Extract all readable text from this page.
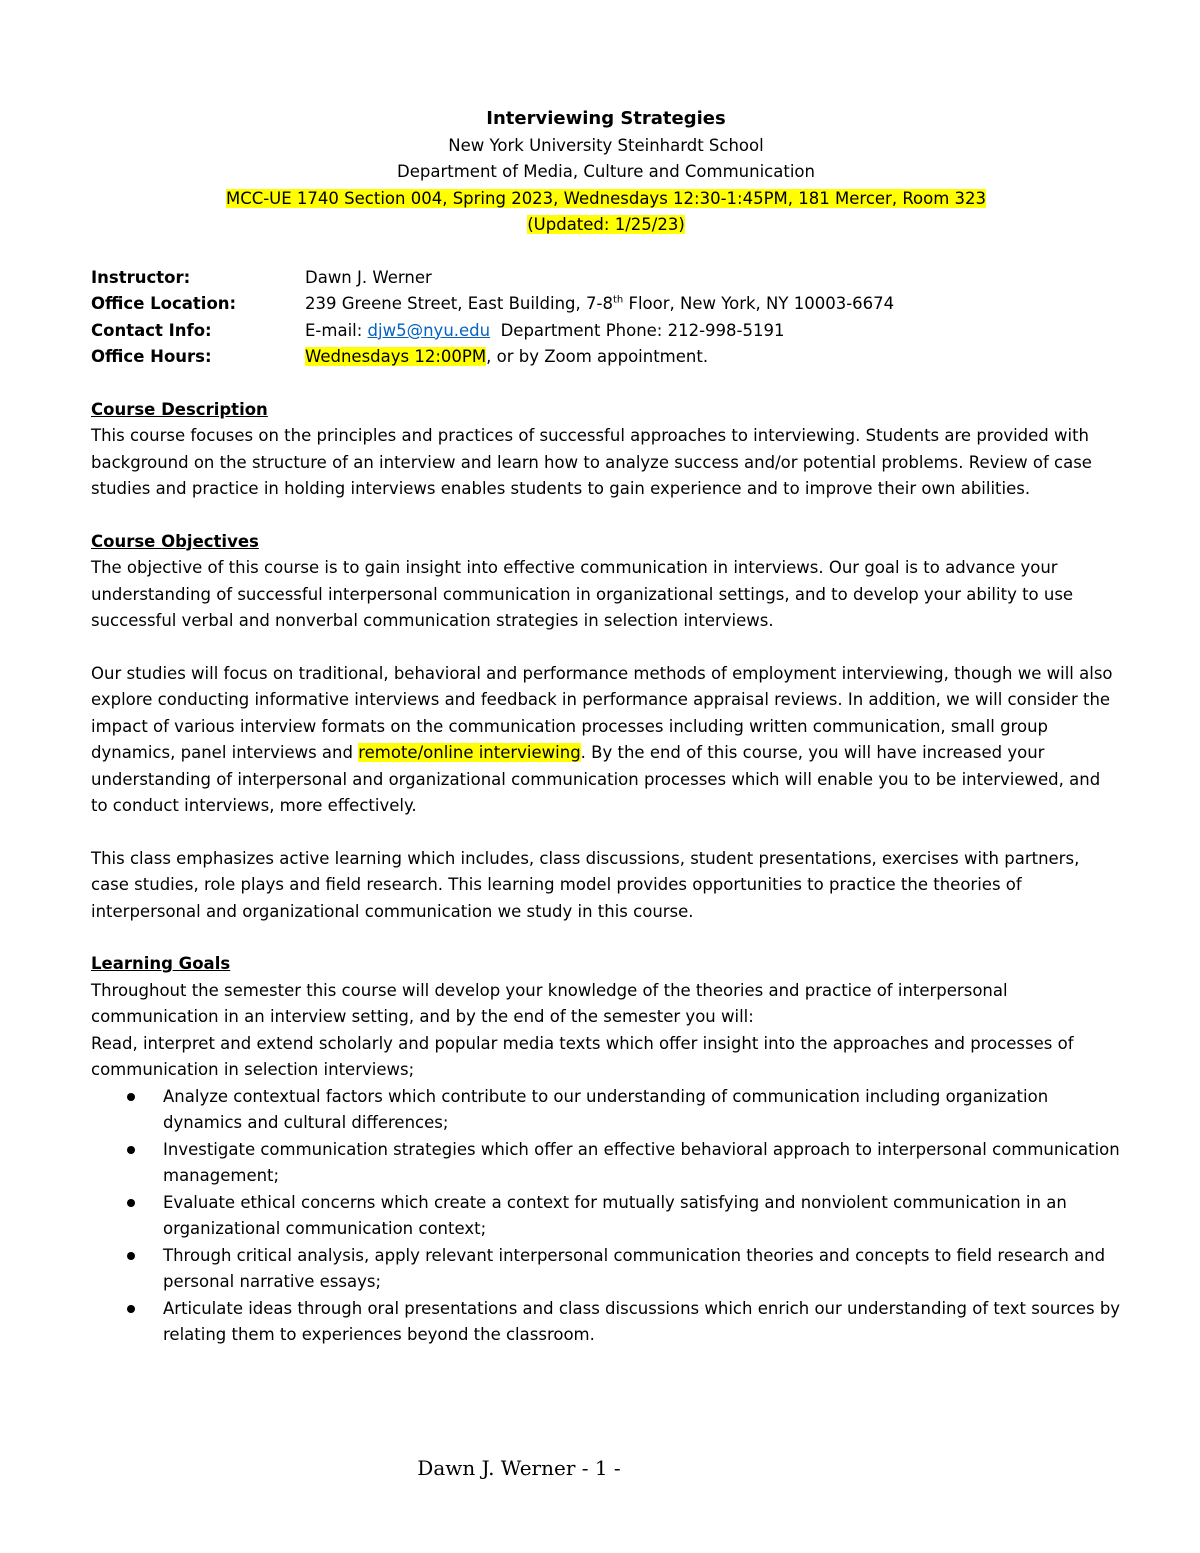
Interviewing Strategies
New York University Steinhardt School
Department of Media, Culture and Communication
MCC-UE 1740 Section 004, Spring 2023, Wednesdays 12:30-1:45PM, 181 Mercer, Room 323
(Updated: 1/25/23)
Instructor:	Dawn J. Werner
Office Location:	239 Greene Street, East Building, 7-8th Floor, New York, NY 10003-6674
Contact Info:	E-mail: djw5@nyu.edu  Department Phone: 212-998-5191
Office Hours:	Wednesdays 12:00PM, or by Zoom appointment.
Course Description
This course focuses on the principles and practices of successful approaches to interviewing. Students are provided with background on the structure of an interview and learn how to analyze success and/or potential problems. Review of case studies and practice in holding interviews enables students to gain experience and to improve their own abilities.
Course Objectives
The objective of this course is to gain insight into effective communication in interviews. Our goal is to advance your understanding of successful interpersonal communication in organizational settings, and to develop your ability to use successful verbal and nonverbal communication strategies in selection interviews.
Our studies will focus on traditional, behavioral and performance methods of employment interviewing, though we will also explore conducting informative interviews and feedback in performance appraisal reviews. In addition, we will consider the impact of various interview formats on the communication processes including written communication, small group dynamics, panel interviews and remote/online interviewing. By the end of this course, you will have increased your understanding of interpersonal and organizational communication processes which will enable you to be interviewed, and to conduct interviews, more effectively.
This class emphasizes active learning which includes, class discussions, student presentations, exercises with partners, case studies, role plays and field research. This learning model provides opportunities to practice the theories of interpersonal and organizational communication we study in this course.
Learning Goals
Throughout the semester this course will develop your knowledge of the theories and practice of interpersonal communication in an interview setting, and by the end of the semester you will:
Read, interpret and extend scholarly and popular media texts which offer insight into the approaches and processes of communication in selection interviews;
Analyze contextual factors which contribute to our understanding of communication including organization dynamics and cultural differences;
Investigate communication strategies which offer an effective behavioral approach to interpersonal communication management;
Evaluate ethical concerns which create a context for mutually satisfying and nonviolent communication in an organizational communication context;
Through critical analysis, apply relevant interpersonal communication theories and concepts to field research and personal narrative essays;
Articulate ideas through oral presentations and class discussions which enrich our understanding of text sources by relating them to experiences beyond the classroom.
Dawn J. Werner - 1 -
